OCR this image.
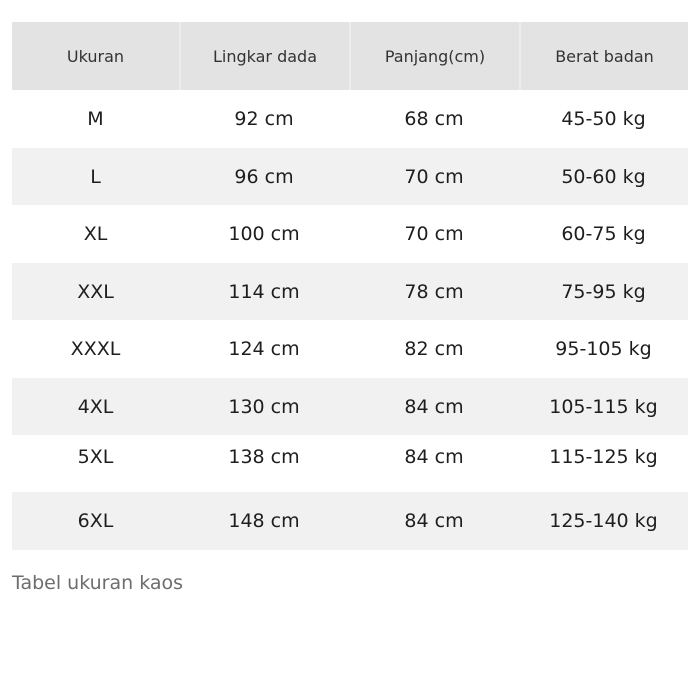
Ukuran	Lingkar dada	Panjang(cm)	Berat badan
M	92 cm	68 cm	45-50 kg
L	96 cm	70 cm	50-60 kg
XL	100 cm	70 cm	60-75 kg
XXL	114 cm	78 cm	75-95 kg
XXXL	124 cm	82 cm	95-105 kg
4XL	130 cm	84 cm	105-115 kg
5XL	138 cm	84 cm	115-125 kg
6XL	148 cm	84 cm	125-140 kg
Tabel ukuran kaos
